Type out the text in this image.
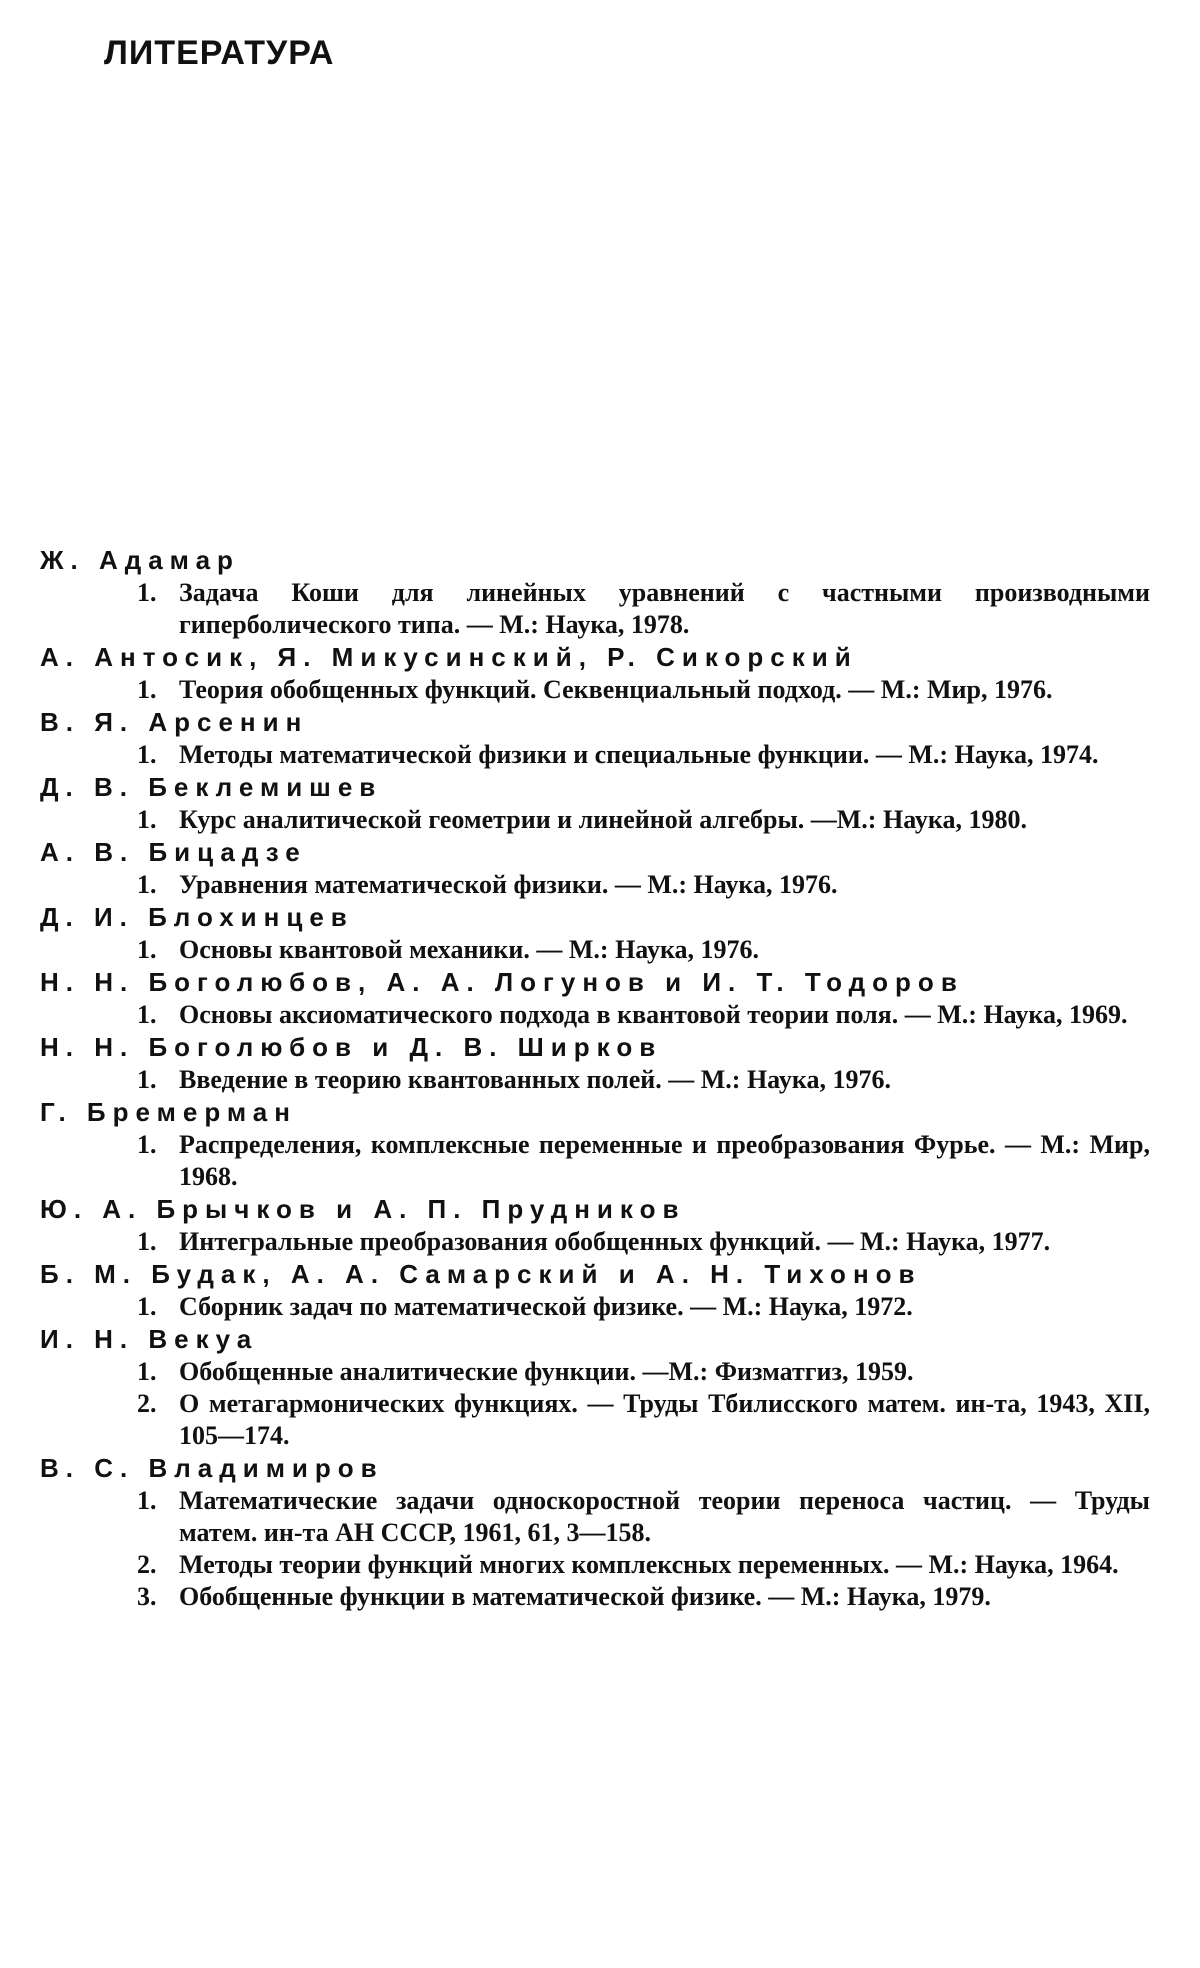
ЛИТЕРАТУРА
Ж. Адамар
1. Задача Коши для линейных уравнений с частными производными гиперболического типа. — М.: Наука, 1978.
А. Антосик, Я. Микусинский, Р. Сикорский
1. Теория обобщенных функций. Секвенциальный подход. — М.: Мир, 1976.
В. Я. Арсенин
1. Методы математической физики и специальные функции. — М.: Наука, 1974.
Д. В. Беклемишев
1. Курс аналитической геометрии и линейной алгебры. —М.: Наука, 1980.
А. В. Бицадзе
1. Уравнения математической физики. — М.: Наука, 1976.
Д. И. Блохинцев
1. Основы квантовой механики. — М.: Наука, 1976.
Н. Н. Боголюбов, А. А. Логунов и И. Т. Тодоров
1. Основы аксиоматического подхода в квантовой теории поля. — М.: Наука, 1969.
Н. Н. Боголюбов и Д. В. Ширков
1. Введение в теорию квантованных полей. — М.: Наука, 1976.
Г. Бремерман
1. Распределения, комплексные переменные и преобразования Фурье. — М.: Мир, 1968.
Ю. А. Брычков и А. П. Прудников
1. Интегральные преобразования обобщенных функций. — М.: Наука, 1977.
Б. М. Будак, А. А. Самарский и А. Н. Тихонов
1. Сборник задач по математической физике. — М.: Наука, 1972.
И. Н. Векуа
1. Обобщенные аналитические функции. —М.: Физматгиз, 1959.
2. О метагармонических функциях. — Труды Тбилисского матем. ин-та, 1943, XII, 105—174.
В. С. Владимиров
1. Математические задачи односкоростной теории переноса частиц. — Труды матем. ин-та АН СССР, 1961, 61, 3—158.
2. Методы теории функций многих комплексных переменных. — М.: Наука, 1964.
3. Обобщенные функции в математической физике. — М.: Наука, 1979.
